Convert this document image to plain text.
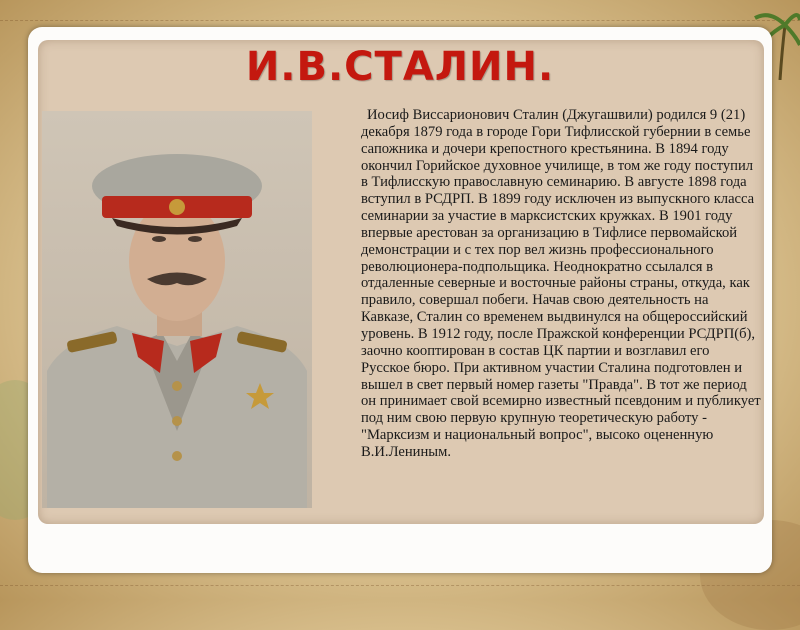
И.В.СТАЛИН.

Иосиф Виссарионович Сталин (Джугашвили) родился 9 (21) декабря 1879 года в городе Гори Тифлисской губернии в семье сапожника и дочери крепостного крестьянина. В 1894 году окончил Горийское духовное училище, в том же году поступил в Тифлисскую православную семинарию. В августе 1898 года вступил в РСДРП. В 1899 году исключен из выпускного класса семинарии за участие в марксистских кружках. В 1901 году впервые арестован за организацию в Тифлисе первомайской демонстрации и с тех пор вел жизнь профессионального революционера-подпольщика. Неоднократно ссылался в отдаленные северные и восточные районы страны, откуда, как правило, совершал побеги. Начав свою деятельность на Кавказе, Сталин со временем выдвинулся на общероссийский уровень. В 1912 году, после Пражской конференции РСДРП(б), заочно кооптирован в состав ЦК партии и возглавил его Русское бюро. При активном участии Сталина подготовлен и вышел в свет первый номер газеты "Правда". В тот же период он принимает свой всемирно известный псевдоним и публикует под ним свою первую крупную теоретическую работу - "Марксизм и национальный вопрос", высоко оцененную В.И.Лениным.
